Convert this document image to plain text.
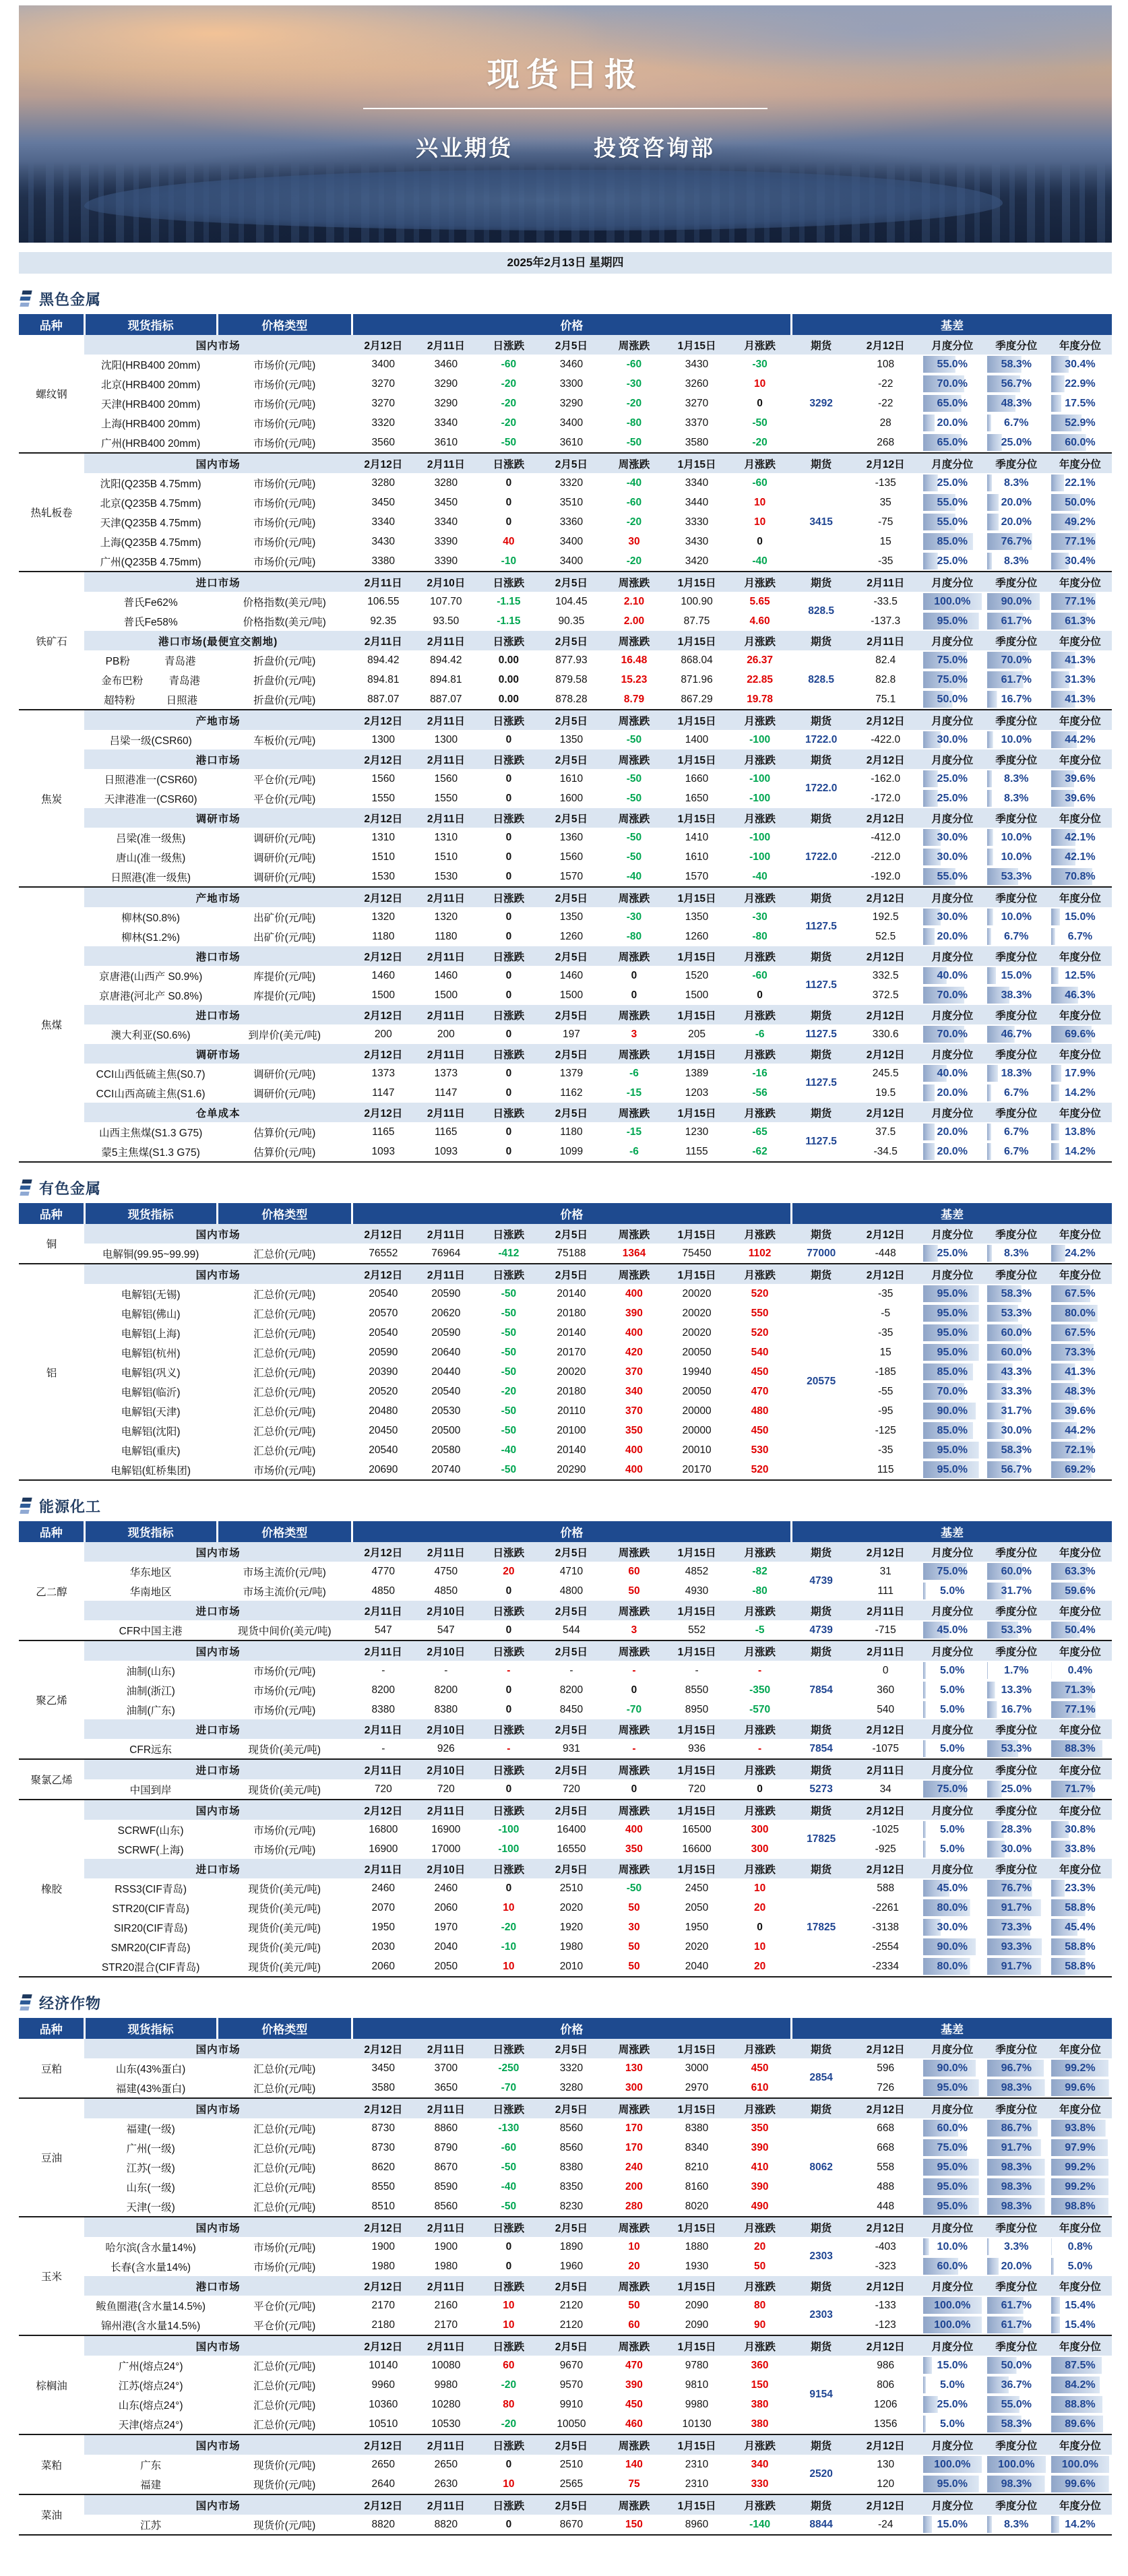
现货日报
兴业期货	投资咨询部
2025年2月13日 星期四
黑色金属
品种	现货指标	价格类型	价格							基差				
螺纹钢	国内市场		2月12日	2月11日	日涨跌	2月5日	周涨跌	1月15日	月涨跌	期货	2月12日	月度分位	季度分位	年度分位
	沈阳(HRB400 20mm)	市场价(元/吨)	3400	3460	-60	3460	-60	3430	-30	3292	108	55.0%	58.3%	30.4%

	北京(HRB400 20mm)	市场价(元/吨)	3270	3290	-20	3300	-30	3260	10		-22	70.0%	56.7%	22.9%

	天津(HRB400 20mm)	市场价(元/吨)	3270	3290	-20	3290	-20	3270	0		-22	65.0%	48.3%	17.5%

	上海(HRB400 20mm)	市场价(元/吨)	3320	3340	-20	3400	-80	3370	-50		28	20.0%	6.7%	52.9%

	广州(HRB400 20mm)	市场价(元/吨)	3560	3610	-50	3610	-50	3580	-20		268	65.0%	25.0%	60.0%

热轧板卷	国内市场		2月12日	2月11日	日涨跌	2月5日	周涨跌	1月15日	月涨跌	期货	2月12日	月度分位	季度分位	年度分位
	沈阳(Q235B 4.75mm)	市场价(元/吨)	3280	3280	0	3320	-40	3340	-60	3415	-135	25.0%	8.3%	22.1%

	北京(Q235B 4.75mm)	市场价(元/吨)	3450	3450	0	3510	-60	3440	10		35	55.0%	20.0%	50.0%

	天津(Q235B 4.75mm)	市场价(元/吨)	3340	3340	0	3360	-20	3330	10		-75	55.0%	20.0%	49.2%

	上海(Q235B 4.75mm)	市场价(元/吨)	3430	3390	40	3400	30	3430	0		15	85.0%	76.7%	77.1%

	广州(Q235B 4.75mm)	市场价(元/吨)	3380	3390	-10	3400	-20	3420	-40		-35	25.0%	8.3%	30.4%

铁矿石	进口市场		2月11日	2月10日	日涨跌	2月5日	周涨跌	1月15日	月涨跌	期货	2月11日	月度分位	季度分位	年度分位
	普氏Fe62%	价格指数(美元/吨)	106.55	107.70	-1.15	104.45	2.10	100.90	5.65	828.5	-33.5	100.0%	90.0%	77.1%

	普氏Fe58%	价格指数(美元/吨)	92.35	93.50	-1.15	90.35	2.00	87.75	4.60		-137.3	95.0%	61.7%	61.3%

	港口市场(最便宜交割地)		2月11日	2月11日	日涨跌	2月5日	周涨跌	1月15日	月涨跌	期货	2月11日	月度分位	季度分位	年度分位

	PB粉 青岛港	折盘价(元/吨)	894.42	894.42	0.00	877.93	16.48	868.04	26.37	828.5	82.4	75.0%	70.0%	41.3%

	金布巴粉 青岛港	折盘价(元/吨)	894.81	894.81	0.00	879.58	15.23	871.96	22.85		82.8	75.0%	61.7%	31.3%

	超特粉 日照港	折盘价(元/吨)	887.07	887.07	0.00	878.28	8.79	867.29	19.78		75.1	50.0%	16.7%	41.3%

焦炭	产地市场		2月12日	2月11日	日涨跌	2月5日	周涨跌	1月15日	月涨跌	期货	2月12日	月度分位	季度分位	年度分位
	吕梁一级(CSR60)	车板价(元/吨)	1300	1300	0	1350	-50	1400	-100	1722.0	-422.0	30.0%	10.0%	44.2%

	港口市场		2月12日	2月11日	日涨跌	2月5日	周涨跌	1月15日	月涨跌	期货	2月12日	月度分位	季度分位	年度分位
	日照港准一(CSR60)	平仓价(元/吨)	1560	1560	0	1610	-50	1660	-100	1722.0	-162.0	25.0%	8.3%	39.6%

	天津港准一(CSR60)	平仓价(元/吨)	1550	1550	0	1600	-50	1650	-100		-172.0	25.0%	8.3%	39.6%

	调研市场		2月12日	2月11日	日涨跌	2月5日	周涨跌	1月15日	月涨跌	期货	2月12日	月度分位	季度分位	年度分位
	吕梁(准一级焦)	调研价(元/吨)	1310	1310	0	1360	-50	1410	-100	1722.0	-412.0	30.0%	10.0%	42.1%

	唐山(准一级焦)	调研价(元/吨)	1510	1510	0	1560	-50	1610	-100		-212.0	30.0%	10.0%	42.1%

	日照港(准一级焦)	调研价(元/吨)	1530	1530	0	1570	-40	1570	-40		-192.0	55.0%	53.3%	70.8%

焦煤	产地市场		2月12日	2月11日	日涨跌	2月5日	周涨跌	1月15日	月涨跌	期货	2月12日	月度分位	季度分位	年度分位
	柳林(S0.8%)	出矿价(元/吨)	1320	1320	0	1350	-30	1350	-30	1127.5	192.5	30.0%	10.0%	15.0%

	柳林(S1.2%)	出矿价(元/吨)	1180	1180	0	1260	-80	1260	-80		52.5	20.0%	6.7%	6.7%

	港口市场		2月12日	2月11日	日涨跌	2月5日	周涨跌	1月15日	月涨跌	期货	2月12日	月度分位	季度分位	年度分位
	京唐港(山西产 S0.9%)	库提价(元/吨)	1460	1460	0	1460	0	1520	-60	1127.5	332.5	40.0%	15.0%	12.5%

	京唐港(河北产 S0.8%)	库提价(元/吨)	1500	1500	0	1500	0	1500	0		372.5	70.0%	38.3%	46.3%

	进口市场		2月12日	2月11日	日涨跌	2月5日	周涨跌	1月15日	月涨跌	期货	2月12日	月度分位	季度分位	年度分位
	澳大利亚(S0.6%)	到岸价(美元/吨)	200	200	0	197	3	205	-6	1127.5	330.6	70.0%	46.7%	69.6%

	调研市场		2月12日	2月11日	日涨跌	2月5日	周涨跌	1月15日	月涨跌	期货	2月12日	月度分位	季度分位	年度分位
	CCI山西低硫主焦(S0.7)	调研价(元/吨)	1373	1373	0	1379	-6	1389	-16	1127.5	245.5	40.0%	18.3%	17.9%

	CCI山西高硫主焦(S1.6)	调研价(元/吨)	1147	1147	0	1162	-15	1203	-56		19.5	20.0%	6.7%	14.2%

	仓单成本		2月12日	2月11日	日涨跌	2月5日	周涨跌	1月15日	月涨跌	期货	2月12日	月度分位	季度分位	年度分位
	山西主焦煤(S1.3 G75)	估算价(元/吨)	1165	1165	0	1180	-15	1230	-65	1127.5	37.5	20.0%	6.7%	13.8%

	蒙5主焦煤(S1.3 G75)	估算价(元/吨)	1093	1093	0	1099	-6	1155	-62		-34.5	20.0%	6.7%	14.2%
有色金属
品种	现货指标	价格类型	价格							基差				
铜	国内市场		2月12日	2月11日	日涨跌	2月5日	周涨跌	1月15日	月涨跌	期货	2月12日	月度分位	季度分位	年度分位
	电解铜(99.95~99.99)	汇总价(元/吨)	76552	76964	-412	75188	1364	75450	1102	77000	-448	25.0%	8.3%	24.2%

铝	国内市场		2月12日	2月11日	日涨跌	2月5日	周涨跌	1月15日	月涨跌	期货	2月12日	月度分位	季度分位	年度分位
	电解铝(无锡)	汇总价(元/吨)	20540	20590	-50	20140	400	20020	520	20575	-35	95.0%	58.3%	67.5%

	电解铝(佛山)	汇总价(元/吨)	20570	20620	-50	20180	390	20020	550		-5	95.0%	53.3%	80.0%

	电解铝(上海)	汇总价(元/吨)	20540	20590	-50	20140	400	20020	520		-35	95.0%	60.0%	67.5%

	电解铝(杭州)	汇总价(元/吨)	20590	20640	-50	20170	420	20050	540		15	95.0%	60.0%	73.3%

	电解铝(巩义)	汇总价(元/吨)	20390	20440	-50	20020	370	19940	450		-185	85.0%	43.3%	41.3%

	电解铝(临沂)	汇总价(元/吨)	20520	20540	-20	20180	340	20050	470		-55	70.0%	33.3%	48.3%

	电解铝(天津)	汇总价(元/吨)	20480	20530	-50	20110	370	20000	480		-95	90.0%	31.7%	39.6%

	电解铝(沈阳)	汇总价(元/吨)	20450	20500	-50	20100	350	20000	450		-125	85.0%	30.0%	44.2%

	电解铝(重庆)	汇总价(元/吨)	20540	20580	-40	20140	400	20010	530		-35	95.0%	58.3%	72.1%

	电解铝(虹桥集团)	市场价(元/吨)	20690	20740	-50	20290	400	20170	520		115	95.0%	56.7%	69.2%
能源化工
品种	现货指标	价格类型	价格							基差				
乙二醇	国内市场		2月12日	2月11日	日涨跌	2月5日	周涨跌	1月15日	月涨跌	期货	2月12日	月度分位	季度分位	年度分位
	华东地区	市场主流价(元/吨)	4770	4750	20	4710	60	4852	-82	4739	31	75.0%	60.0%	63.3%

	华南地区	市场主流价(元/吨)	4850	4850	0	4800	50	4930	-80		111	5.0%	31.7%	59.6%

	进口市场		2月11日	2月10日	日涨跌	2月5日	周涨跌	1月15日	月涨跌	期货	2月11日	月度分位	季度分位	年度分位
	CFR中国主港	现货中间价(美元/吨)	547	547	0	544	3	552	-5	4739	-715	45.0%	53.3%	50.4%

聚乙烯	国内市场		2月11日	2月10日	日涨跌	2月5日	周涨跌	1月15日	月涨跌	期货	2月11日	月度分位	季度分位	年度分位
	油制(山东)	市场价(元/吨)	-	-	-	-	-	-	-	7854	0	5.0%	1.7%	0.4%

	油制(浙江)	市场价(元/吨)	8200	8200	0	8200	0	8550	-350		360	5.0%	13.3%	71.3%

	油制(广东)	市场价(元/吨)	8380	8380	0	8450	-70	8950	-570		540	5.0%	16.7%	77.1%

	进口市场		2月11日	2月10日	日涨跌	2月5日	周涨跌	1月15日	月涨跌	期货	2月12日	月度分位	季度分位	年度分位
	CFR远东	现货价(美元/吨)	-	926	-	931	-	936	-	7854	-1075	5.0%	53.3%	88.3%

聚氯乙烯	进口市场		2月11日	2月10日	日涨跌	2月5日	周涨跌	1月15日	月涨跌	期货	2月11日	月度分位	季度分位	年度分位
	中国到岸	现货价(美元/吨)	720	720	0	720	0	720	0	5273	34	75.0%	25.0%	71.7%

橡胶	国内市场		2月12日	2月11日	日涨跌	2月5日	周涨跌	1月15日	月涨跌	期货	2月12日	月度分位	季度分位	年度分位
	SCRWF(山东)	市场价(元/吨)	16800	16900	-100	16400	400	16500	300	17825	-1025	5.0%	28.3%	30.8%

	SCRWF(上海)	市场价(元/吨)	16900	17000	-100	16550	350	16600	300		-925	5.0%	30.0%	33.8%

	进口市场		2月11日	2月10日	日涨跌	2月5日	周涨跌	1月15日	月涨跌	期货	2月12日	月度分位	季度分位	年度分位
	RSS3(CIF青岛)	现货价(美元/吨)	2460	2460	0	2510	-50	2450	10	17825	588	45.0%	76.7%	23.3%

	STR20(CIF青岛)	现货价(美元/吨)	2070	2060	10	2020	50	2050	20		-2261	80.0%	91.7%	58.8%

	SIR20(CIF青岛)	现货价(美元/吨)	1950	1970	-20	1920	30	1950	0		-3138	30.0%	73.3%	45.4%

	SMR20(CIF青岛)	现货价(美元/吨)	2030	2040	-10	1980	50	2020	10		-2554	90.0%	93.3%	58.8%

	STR20混合(CIF青岛)	现货价(美元/吨)	2060	2050	10	2010	50	2040	20		-2334	80.0%	91.7%	58.8%
经济作物
品种	现货指标	价格类型	价格							基差				
豆粕	国内市场		2月12日	2月11日	日涨跌	2月5日	周涨跌	1月15日	月涨跌	期货	2月12日	月度分位	季度分位	年度分位
	山东(43%蛋白)	汇总价(元/吨)	3450	3700	-250	3320	130	3000	450	2854	596	90.0%	96.7%	99.2%

	福建(43%蛋白)	汇总价(元/吨)	3580	3650	-70	3280	300	2970	610		726	95.0%	98.3%	99.6%

豆油	国内市场		2月12日	2月11日	日涨跌	2月5日	周涨跌	1月15日	月涨跌	期货	2月12日	月度分位	季度分位	年度分位
	福建(一级)	汇总价(元/吨)	8730	8860	-130	8560	170	8380	350	8062	668	60.0%	86.7%	93.8%

	广州(一级)	汇总价(元/吨)	8730	8790	-60	8560	170	8340	390		668	75.0%	91.7%	97.9%

	江苏(一级)	汇总价(元/吨)	8620	8670	-50	8380	240	8210	410		558	95.0%	98.3%	99.2%

	山东(一级)	汇总价(元/吨)	8550	8590	-40	8350	200	8160	390		488	95.0%	98.3%	99.2%

	天津(一级)	汇总价(元/吨)	8510	8560	-50	8230	280	8020	490		448	95.0%	98.3%	98.8%

玉米	国内市场		2月12日	2月11日	日涨跌	2月5日	周涨跌	1月15日	月涨跌	期货	2月12日	月度分位	季度分位	年度分位
	哈尔滨(含水量14%)	市场价(元/吨)	1900	1900	0	1890	10	1880	20	2303	-403	10.0%	3.3%	0.8%

	长春(含水量14%)	市场价(元/吨)	1980	1980	0	1960	20	1930	50		-323	60.0%	20.0%	5.0%

	港口市场		2月12日	2月11日	日涨跌	2月5日	周涨跌	1月15日	月涨跌	期货	2月12日	月度分位	季度分位	年度分位
	鲅鱼圈港(含水量14.5%)	平仓价(元/吨)	2170	2160	10	2120	50	2090	80	2303	-133	100.0%	61.7%	15.4%

	锦州港(含水量14.5%)	平仓价(元/吨)	2180	2170	10	2120	60	2090	90		-123	100.0%	61.7%	15.4%

棕榈油	国内市场		2月12日	2月11日	日涨跌	2月5日	周涨跌	1月15日	月涨跌	期货	2月12日	月度分位	季度分位	年度分位
	广州(熔点24°)	汇总价(元/吨)	10140	10080	60	9670	470	9780	360	9154	986	15.0%	50.0%	87.5%

	江苏(熔点24°)	汇总价(元/吨)	9960	9980	-20	9570	390	9810	150		806	5.0%	36.7%	84.2%

	山东(熔点24°)	汇总价(元/吨)	10360	10280	80	9910	450	9980	380		1206	25.0%	55.0%	88.8%

	天津(熔点24°)	汇总价(元/吨)	10510	10530	-20	10050	460	10130	380		1356	5.0%	58.3%	89.6%

菜粕	国内市场		2月12日	2月11日	日涨跌	2月5日	周涨跌	1月15日	月涨跌	期货	2月12日	月度分位	季度分位	年度分位
	广东	现货价(元/吨)	2650	2650	0	2510	140	2310	340	2520	130	100.0%	100.0%	100.0%

	福建	现货价(元/吨)	2640	2630	10	2565	75	2310	330		120	95.0%	98.3%	99.6%

菜油	国内市场		2月12日	2月11日	日涨跌	2月5日	周涨跌	1月15日	月涨跌	期货	2月12日	月度分位	季度分位	年度分位
	江苏	现货价(元/吨)	8820	8820	0	8670	150	8960	-140	8844	-24	15.0%	8.3%	14.2%
